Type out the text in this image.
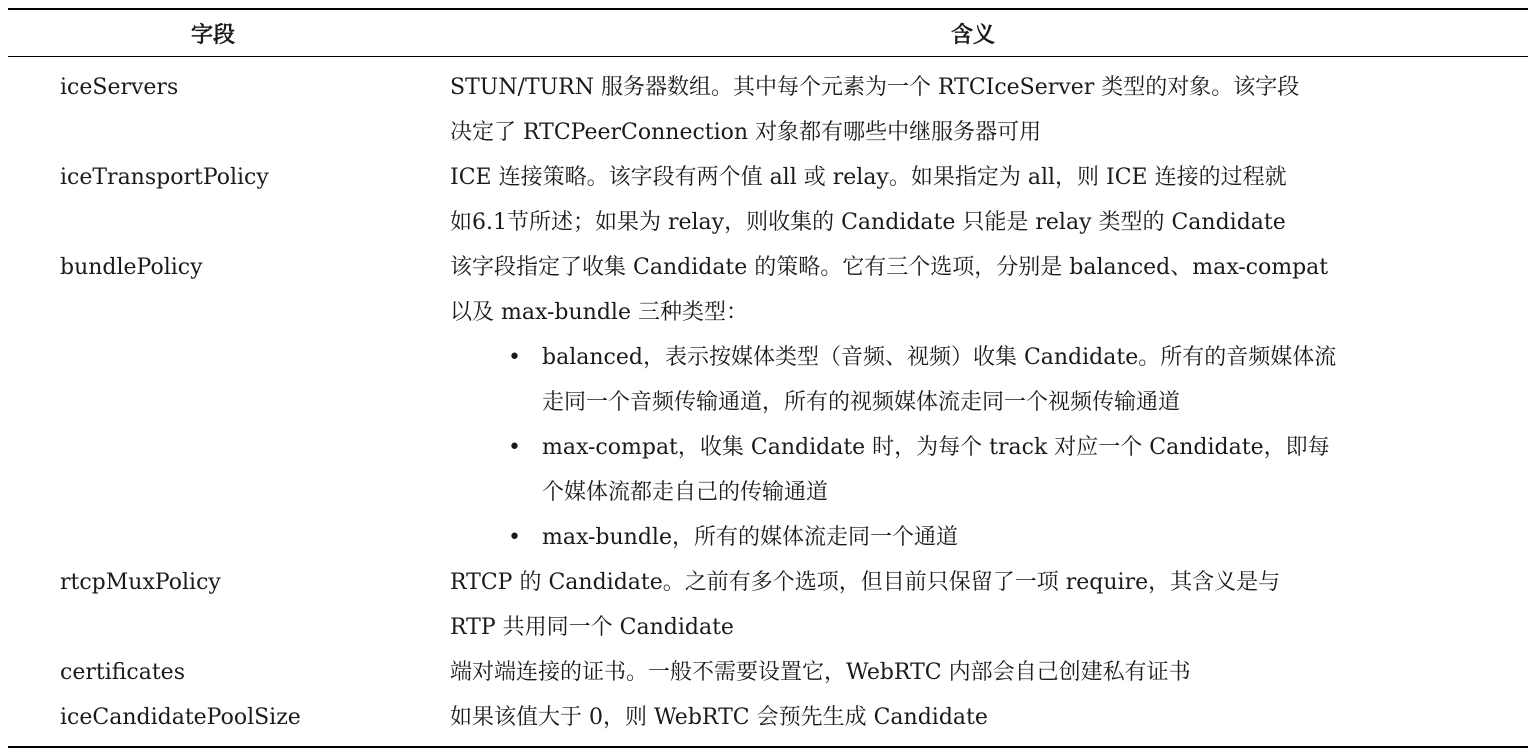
字段	含义
iceServers	STUN/TURN 服务器数组。其中每个元素为一个 RTCIceServer 类型的对象。该字段
决定了 RTCPeerConnection 对象都有哪些中继服务器可用
iceTransportPolicy	ICE 连接策略。该字段有两个值 all 或 relay。如果指定为 all，则 ICE 连接的过程就
如6.1节所述；如果为 relay，则收集的 Candidate 只能是 relay 类型的 Candidate
bundlePolicy	该字段指定了收集 Candidate 的策略。它有三个选项，分别是 balanced、max-compat
以及 max-bundle 三种类型：
• balanced，表示按媒体类型（音频、视频）收集 Candidate。所有的音频媒体流
走同一个音频传输通道，所有的视频媒体流走同一个视频传输通道
• max-compat，收集 Candidate 时，为每个 track 对应一个 Candidate，即每
个媒体流都走自己的传输通道
• max-bundle，所有的媒体流走同一个通道
rtcpMuxPolicy	RTCP 的 Candidate。之前有多个选项，但目前只保留了一项 require，其含义是与
RTP 共用同一个 Candidate
certificates	端对端连接的证书。一般不需要设置它，WebRTC 内部会自己创建私有证书
iceCandidatePoolSize	如果该值大于 0，则 WebRTC 会预先生成 Candidate
